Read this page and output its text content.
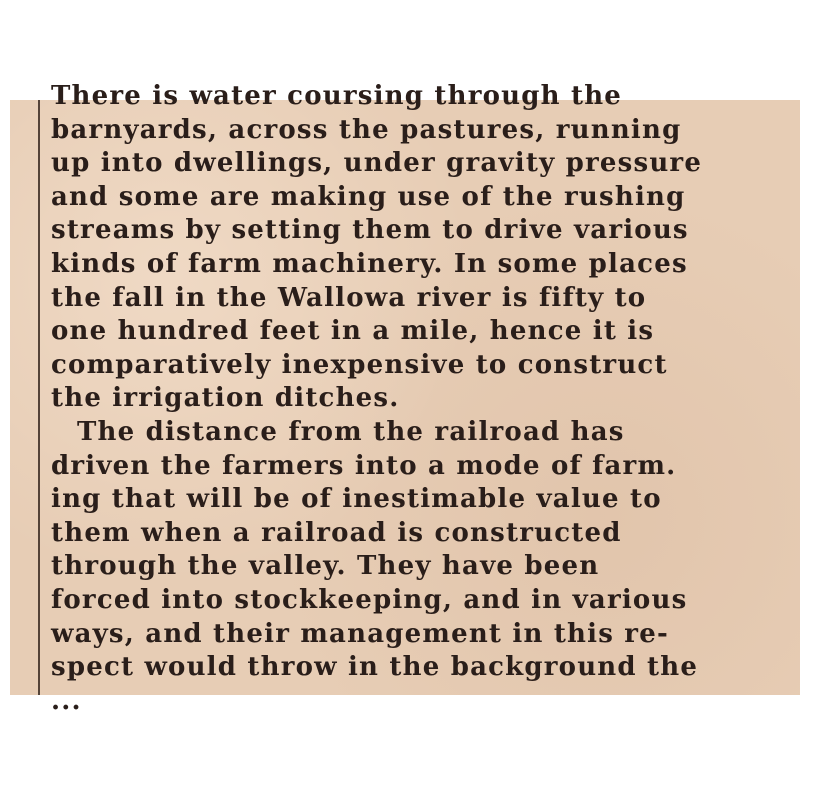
There is water coursing through the
barnyards, across the pastures, running
up into dwellings, under gravity pressure
and some are making use of the rushing
streams by setting them to drive various
kinds of farm machinery. In some places
the fall in the Wallowa river is fifty to
one hundred feet in a mile, hence it is
comparatively inexpensive to construct
the irrigation ditches.
The distance from the railroad has
driven the farmers into a mode of farm.
ing that will be of inestimable value to
them when a railroad is constructed
through the valley. They have been
forced into stockkeeping, and in various
ways, and their management in this re-
spect would throw in the background the
...
